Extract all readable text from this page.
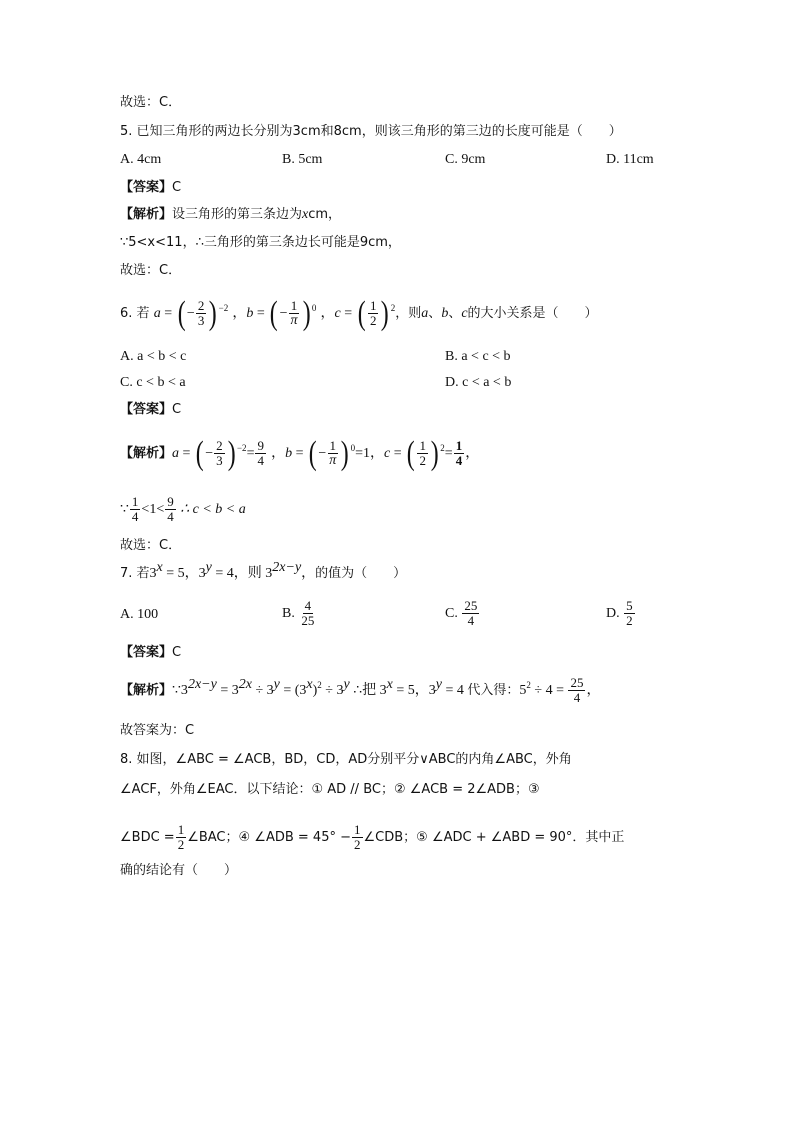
故选：C．
5. 已知三角形的两边长分别为3cm和8cm，则该三角形的第三边的长度可能是（　　）
A. 4cm	B. 5cm	C. 9cm	D. 11cm
【答案】C
【解析】设三角形的第三条边为xcm，
∵5<x<11，∴三角形的第三条边长可能是9cm，
故选：C．
6. 若 a = ( − $\frac{2}{3}$ ) $^{-2}$ ，b = ( − $\frac{1}{\pi}$ ) $^0$ ，c = ( $\frac{1}{2}$ ) $^2$，则a、b、c的大小关系是（　　）
A. a < b < c	B. a < c < b
C. c < b < a	D. c < a < b
【答案】C
【解析】a = ( − $\frac{2}{3}$ ) $^{-2}= \frac{9}{4}$ ，b = ( − $\frac{1}{\pi}$ ) $^0$=1，c = ( $\frac{1}{2}$ ) $^2= \frac{1}{4}$ ，
∵ $\frac{1}{4} <1< \frac{9}{4}$ ∴ c < b < a
故选：C．
7. 若$3^x = 5$，$3^y = 4$，则 $3^{2x-y}$，的值为（　　）
A. 100	B. $\frac{4}{25}$	C. $\frac{25}{4}$	D. $\frac{5}{2}$
【答案】C
【解析】$\because 3^{2x-y} = 3^{2x} \div 3^y = (3^x)^2 \div 3^y$ ∴把 $3^x = 5$，$3^y = 4$ 代入得：$5^2 \div 4 = \frac{25}{4}$ ，
故答案为：C
8. 如图，∠ABC = ∠ACB，BD，CD，AD分别平分∨ABC的内角∠ABC，外角
∠ACF，外角∠EAC．以下结论：① AD // BC；② ∠ACB = 2∠ADB；③
∠BDC = $\frac{1}{2}$ ∠BAC；④ ∠ADB = $45^\circ - \frac{1}{2}$ ∠CDB；⑤ ∠ADC + ∠ABD = 90°．其中正
确的结论有（　　）
